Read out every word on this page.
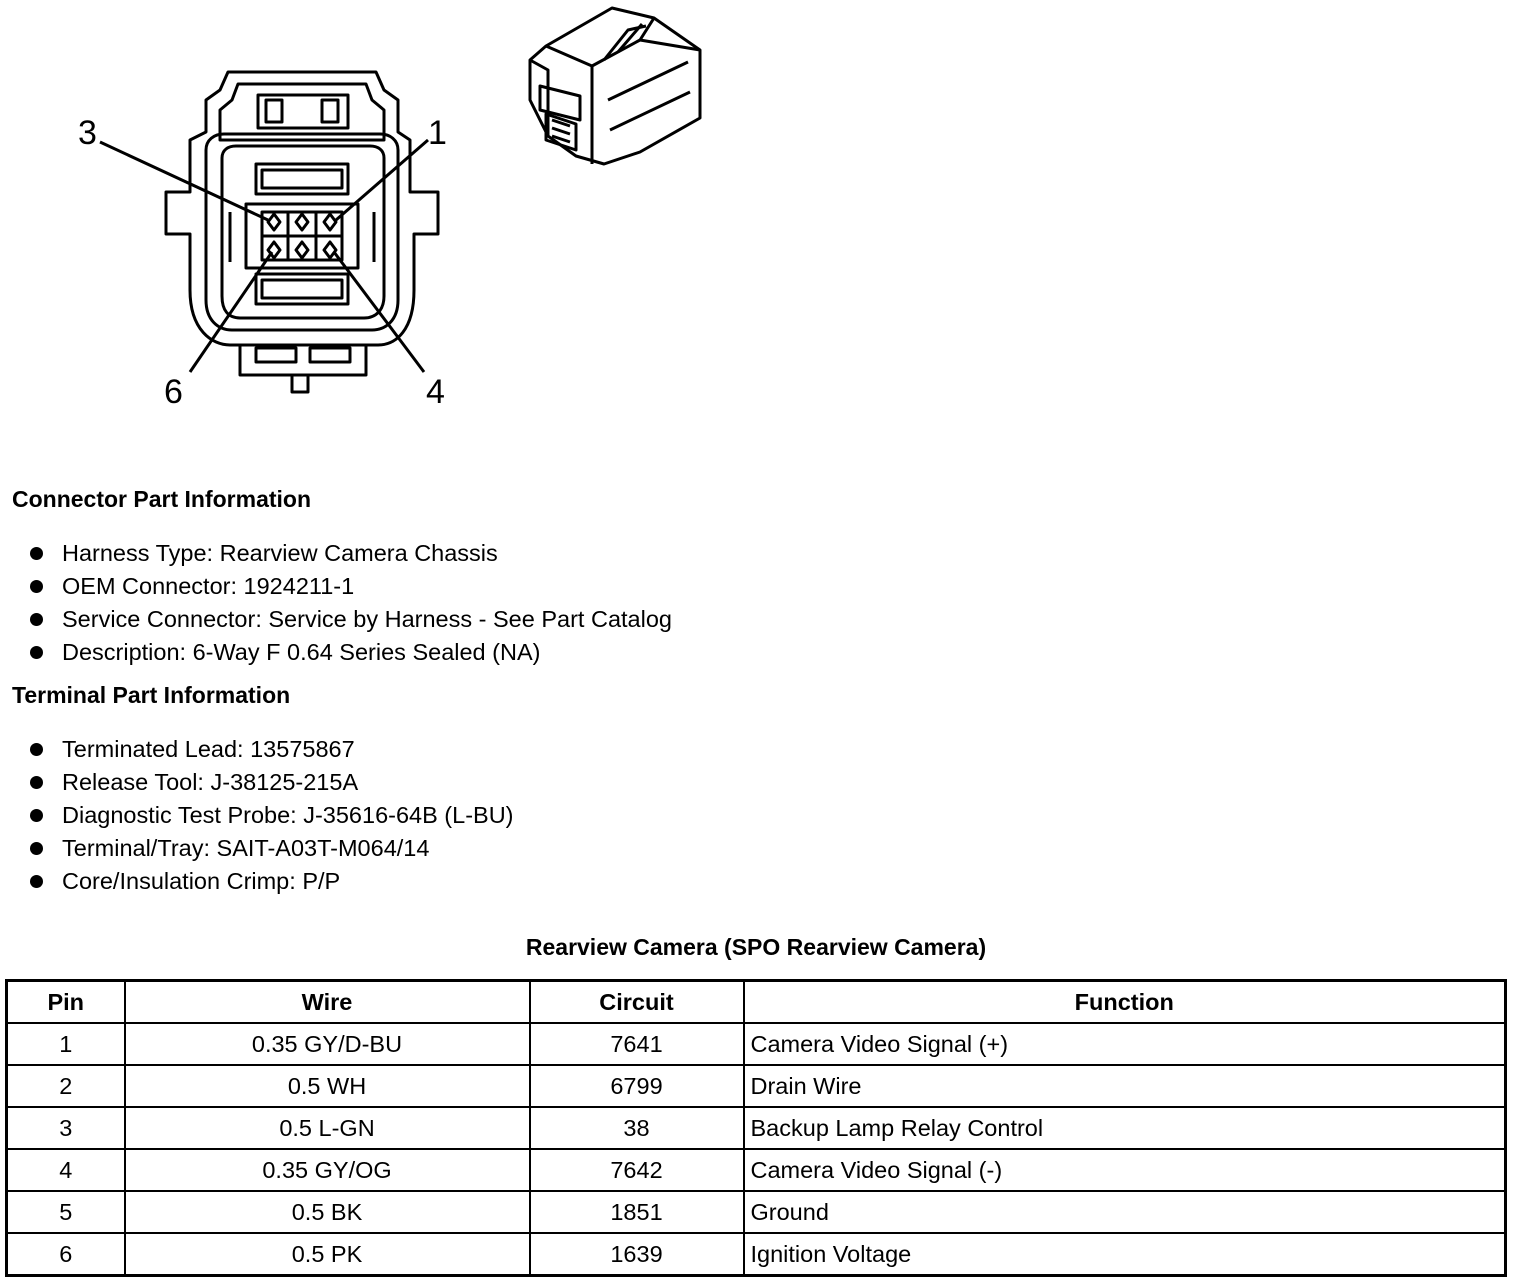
3	1
6	4
Connector Part Information
Harness Type: Rearview Camera Chassis
OEM Connector: 1924211-1
Service Connector: Service by Harness - See Part Catalog
Description: 6-Way F 0.64 Series Sealed (NA)
Terminal Part Information
Terminated Lead: 13575867
Release Tool: J-38125-215A
Diagnostic Test Probe: J-35616-64B (L-BU)
Terminal/Tray: SAIT-A03T-M064/14
Core/Insulation Crimp: P/P
Rearview Camera (SPO Rearview Camera)
Pin	Wire	Circuit	Function
1	0.35 GY/D-BU	7641	Camera Video Signal (+)
2	0.5 WH	6799	Drain Wire
3	0.5 L-GN	38	Backup Lamp Relay Control
4	0.35 GY/OG	7642	Camera Video Signal (-)
5	0.5 BK	1851	Ground
6	0.5 PK	1639	Ignition Voltage
